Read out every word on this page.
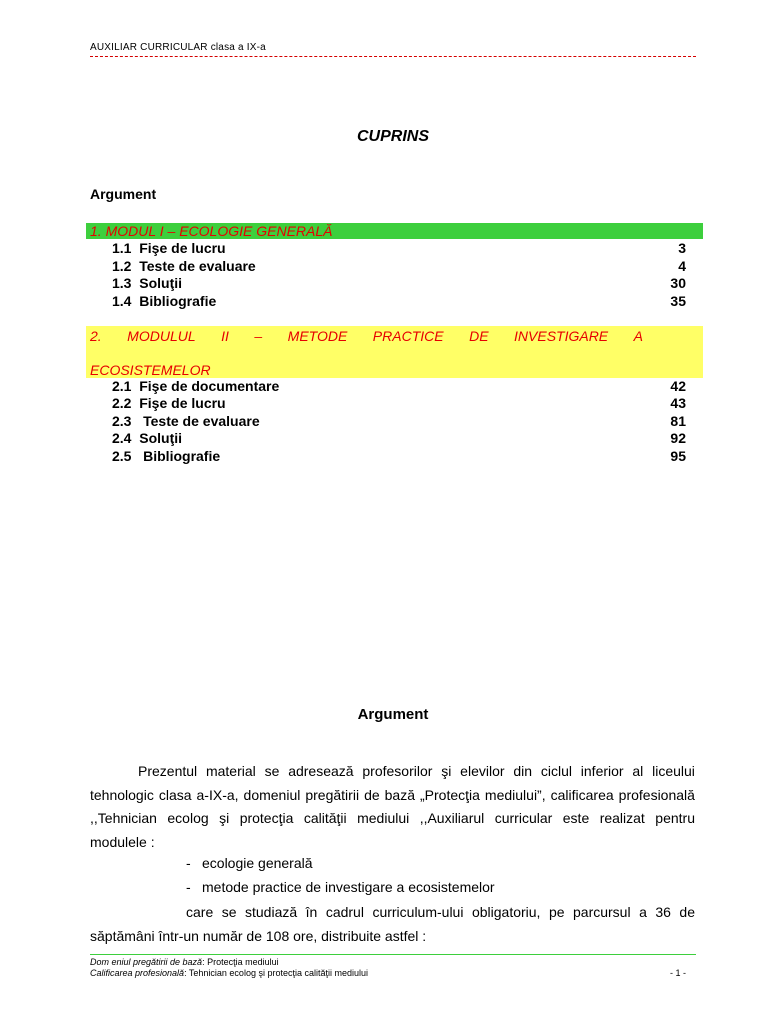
AUXILIAR CURRICULAR clasa a IX-a
CUPRINS
Argument
1. MODUL I – ECOLOGIE GENERALĂ
1.1  Fişe de lucru	3
1.2  Teste de evaluare	4
1.3  Soluţii	30
1.4  Bibliografie	35
2. MODULUL II – METODE PRACTICE DE INVESTIGARE A
ECOSISTEMELOR
2.1  Fişe de documentare	42
2.2  Fişe de lucru	43
2.3   Teste de evaluare	81
2.4  Soluţii	92
2.5   Bibliografie	95
Argument
Prezentul material se adresează profesorilor şi elevilor din ciclul inferior al liceului
tehnologic clasa a-IX-a, domeniul pregătirii de bază „Protecţia mediului”, calificarea profesională
,,Tehnician ecolog şi protecţia calităţii mediului ,,Auxiliarul curricular este realizat pentru
modulele :
- ecologie generală
- metode practice de investigare a ecosistemelor
care se studiază în cadrul curriculum-ului obligatoriu, pe parcursul a 36 de
săptămâni într-un număr de 108 ore, distribuite astfel :
Dom eniul pregătirii de bază: Protecţia mediului
Calificarea profesională: Tehnician ecolog şi protecţia calităţii mediului	- 1 -
